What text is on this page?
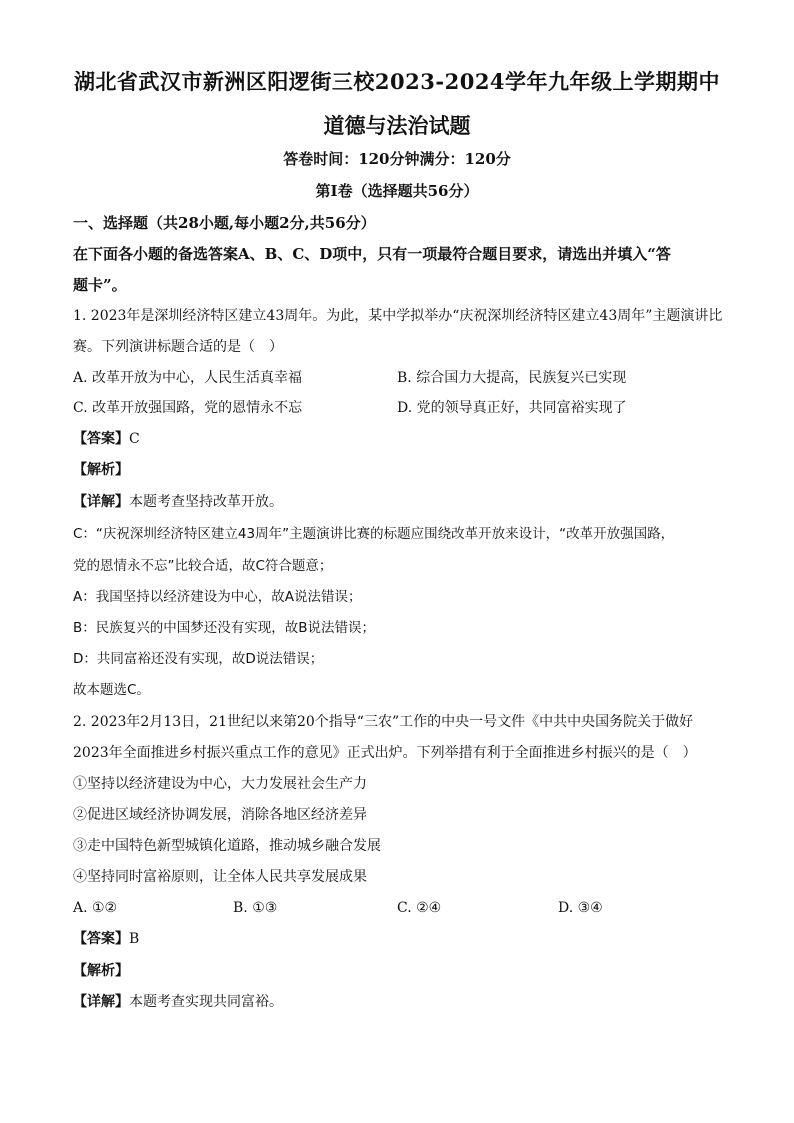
湖北省武汉市新洲区阳逻街三校2023-2024学年九年级上学期期中
道德与法治试题
答卷时间：120分钟满分：120分
第Ⅰ卷（选择题共56分）
一、选择题（共28小题,每小题2分,共56分）
在下面各小题的备选答案A、B、C、D项中，只有一项最符合题目要求，请选出并填入“答
题卡”。
1. 2023年是深圳经济特区建立43周年。为此，某中学拟举办“庆祝深圳经济特区建立43周年”主题演讲比
赛。下列演讲标题合适的是（　）
A. 改革开放为中心，人民生活真幸福	B. 综合国力大提高，民族复兴已实现
C. 改革开放强国路，党的恩情永不忘	D. 党的领导真正好，共同富裕实现了
【答案】C
【解析】
【详解】本题考查坚持改革开放。
C：“庆祝深圳经济特区建立43周年”主题演讲比赛的标题应围绕改革开放来设计，“改革开放强国路，
党的恩情永不忘”比较合适，故C符合题意；
A：我国坚持以经济建设为中心，故A说法错误；
B：民族复兴的中国梦还没有实现，故B说法错误；
D：共同富裕还没有实现，故D说法错误；
故本题选C。
2. 2023年2月13日，21世纪以来第20个指导“三农”工作的中央一号文件《中共中央国务院关于做好
2023年全面推进乡村振兴重点工作的意见》正式出炉。下列举措有利于全面推进乡村振兴的是（　）
①坚持以经济建设为中心，大力发展社会生产力
②促进区域经济协调发展，消除各地区经济差异
③走中国特色新型城镇化道路，推动城乡融合发展
④坚持同时富裕原则，让全体人民共享发展成果
A. ①②	B. ①③	C. ②④	D. ③④
【答案】B
【解析】
【详解】本题考查实现共同富裕。
